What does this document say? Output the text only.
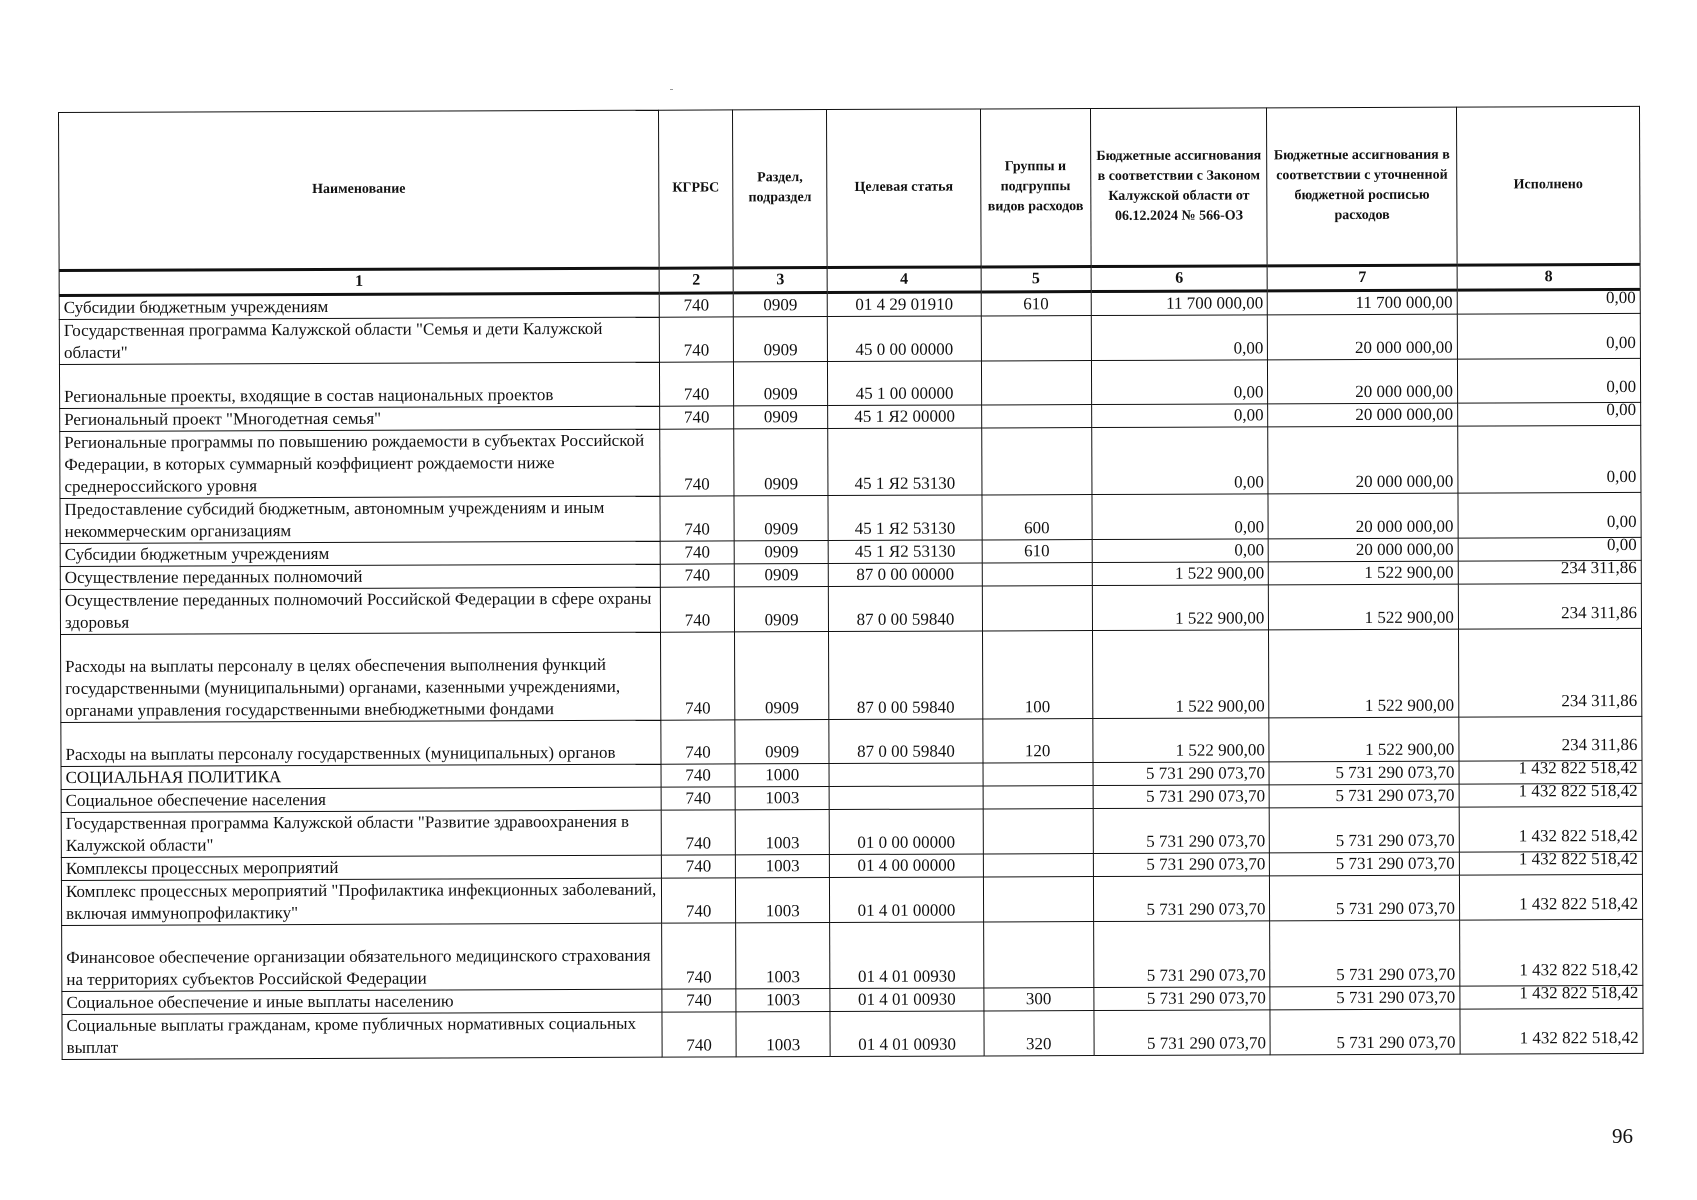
Наименование	КГРБС	Раздел, подраздел	Целевая статья	Группы и подгруппы видов расходов	Бюджетные ассигнования в соответствии с Законом Калужской области от 06.12.2024 № 566-ОЗ	Бюджетные ассигнования в соответствии с уточненной бюджетной росписью расходов	Исполнено
1	2	3	4	5	6	7	8
Субсидии бюджетным учреждениям	740	0909	01 4 29 01910	610	11 700 000,00	11 700 000,00	0,00
Государственная программа Калужской области "Семья и дети Калужской области"	740	0909	45 0 00 00000		0,00	20 000 000,00	0,00
Региональные проекты, входящие в состав национальных проектов	740	0909	45 1 00 00000		0,00	20 000 000,00	0,00
Региональный проект "Многодетная семья"	740	0909	45 1 Я2 00000		0,00	20 000 000,00	0,00
Региональные программы по повышению рождаемости в субъектах Российской Федерации, в которых суммарный коэффициент рождаемости ниже среднероссийского уровня	740	0909	45 1 Я2 53130		0,00	20 000 000,00	0,00
Предоставление субсидий бюджетным, автономным учреждениям и иным некоммерческим организациям	740	0909	45 1 Я2 53130	600	0,00	20 000 000,00	0,00
Субсидии бюджетным учреждениям	740	0909	45 1 Я2 53130	610	0,00	20 000 000,00	0,00
Осуществление переданных полномочий	740	0909	87 0 00 00000		1 522 900,00	1 522 900,00	234 311,86
Осуществление переданных полномочий Российской Федерации в сфере охраны здоровья	740	0909	87 0 00 59840		1 522 900,00	1 522 900,00	234 311,86
Расходы на выплаты персоналу в целях обеспечения выполнения функций государственными (муниципальными) органами, казенными учреждениями, органами управления государственными внебюджетными фондами	740	0909	87 0 00 59840	100	1 522 900,00	1 522 900,00	234 311,86
Расходы на выплаты персоналу государственных (муниципальных) органов	740	0909	87 0 00 59840	120	1 522 900,00	1 522 900,00	234 311,86
СОЦИАЛЬНАЯ ПОЛИТИКА	740	1000			5 731 290 073,70	5 731 290 073,70	1 432 822 518,42
Социальное обеспечение населения	740	1003			5 731 290 073,70	5 731 290 073,70	1 432 822 518,42
Государственная программа Калужской области "Развитие здравоохранения в Калужской области"	740	1003	01 0 00 00000		5 731 290 073,70	5 731 290 073,70	1 432 822 518,42
Комплексы процессных мероприятий	740	1003	01 4 00 00000		5 731 290 073,70	5 731 290 073,70	1 432 822 518,42
Комплекс процессных мероприятий "Профилактика инфекционных заболеваний, включая иммунопрофилактику"	740	1003	01 4 01 00000		5 731 290 073,70	5 731 290 073,70	1 432 822 518,42
Финансовое обеспечение организации обязательного медицинского страхования на территориях субъектов Российской Федерации	740	1003	01 4 01 00930		5 731 290 073,70	5 731 290 073,70	1 432 822 518,42
Социальное обеспечение и иные выплаты населению	740	1003	01 4 01 00930	300	5 731 290 073,70	5 731 290 073,70	1 432 822 518,42
Социальные выплаты гражданам, кроме публичных нормативных социальных выплат	740	1003	01 4 01 00930	320	5 731 290 073,70	5 731 290 073,70	1 432 822 518,42
96
